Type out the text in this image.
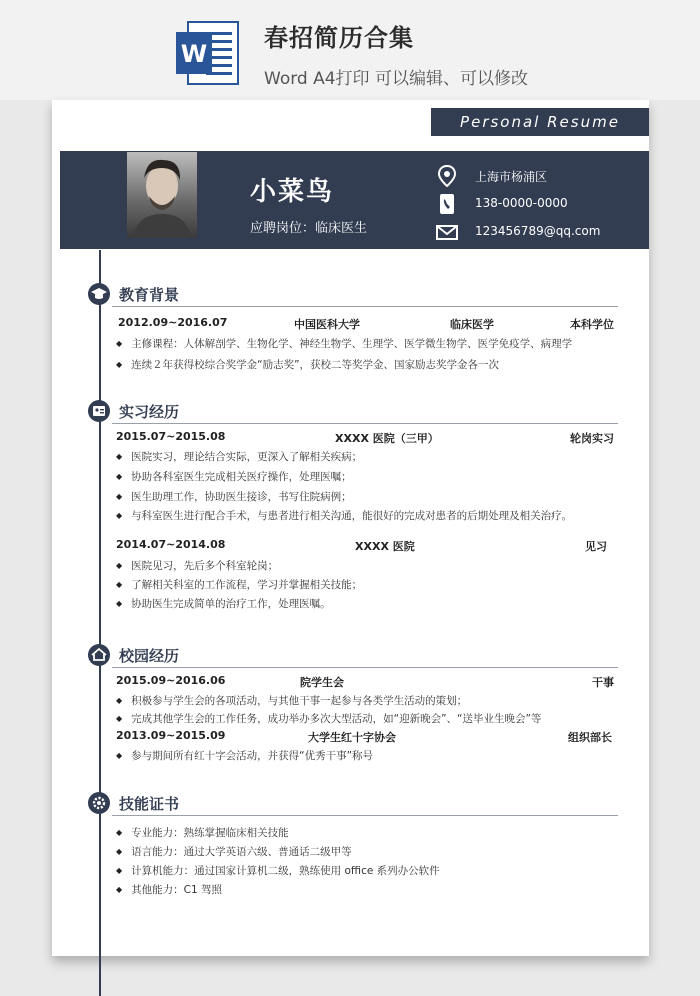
W
春招简历合集
Word A4打印 可以编辑、可以修改
Personal Resume
小菜鸟
应聘岗位：临床医生
上海市杨浦区
138-0000-0000
123456789@qq.com
教育背景
2012.09~2016.07	中国医科大学	临床医学	本科学位
◆ 主修课程：人体解剖学、生物化学、神经生物学、生理学、医学微生物学、医学免疫学、病理学
◆ 连续２年获得校综合奖学金“励志奖”，获校二等奖学金、国家励志奖学金各一次
实习经历
2015.07~2015.08	XXXX 医院（三甲）	轮岗实习
◆ 医院实习，理论结合实际，更深入了解相关疾病；
◆ 协助各科室医生完成相关医疗操作，处理医嘱；
◆ 医生助理工作，协助医生接诊，书写住院病例；
◆ 与科室医生进行配合手术，与患者进行相关沟通，能很好的完成对患者的后期处理及相关治疗。
2014.07~2014.08	XXXX 医院	见习
◆ 医院见习，先后多个科室轮岗；
◆ 了解相关科室的工作流程，学习并掌握相关技能；
◆ 协助医生完成简单的治疗工作，处理医嘱。
校园经历
2015.09~2016.06	院学生会	干事
◆ 积极参与学生会的各项活动，与其他干事一起参与各类学生活动的策划；
◆ 完成其他学生会的工作任务，成功举办多次大型活动，如“迎新晚会”、“送毕业生晚会”等
2013.09~2015.09	大学生红十字协会	组织部长
◆ 参与期间所有红十字会活动，并获得“优秀干事”称号
技能证书
◆ 专业能力：熟练掌握临床相关技能
◆ 语言能力：通过大学英语六级、普通话二级甲等
◆ 计算机能力：通过国家计算机二级，熟练使用 office 系列办公软件
◆ 其他能力：C1 驾照
